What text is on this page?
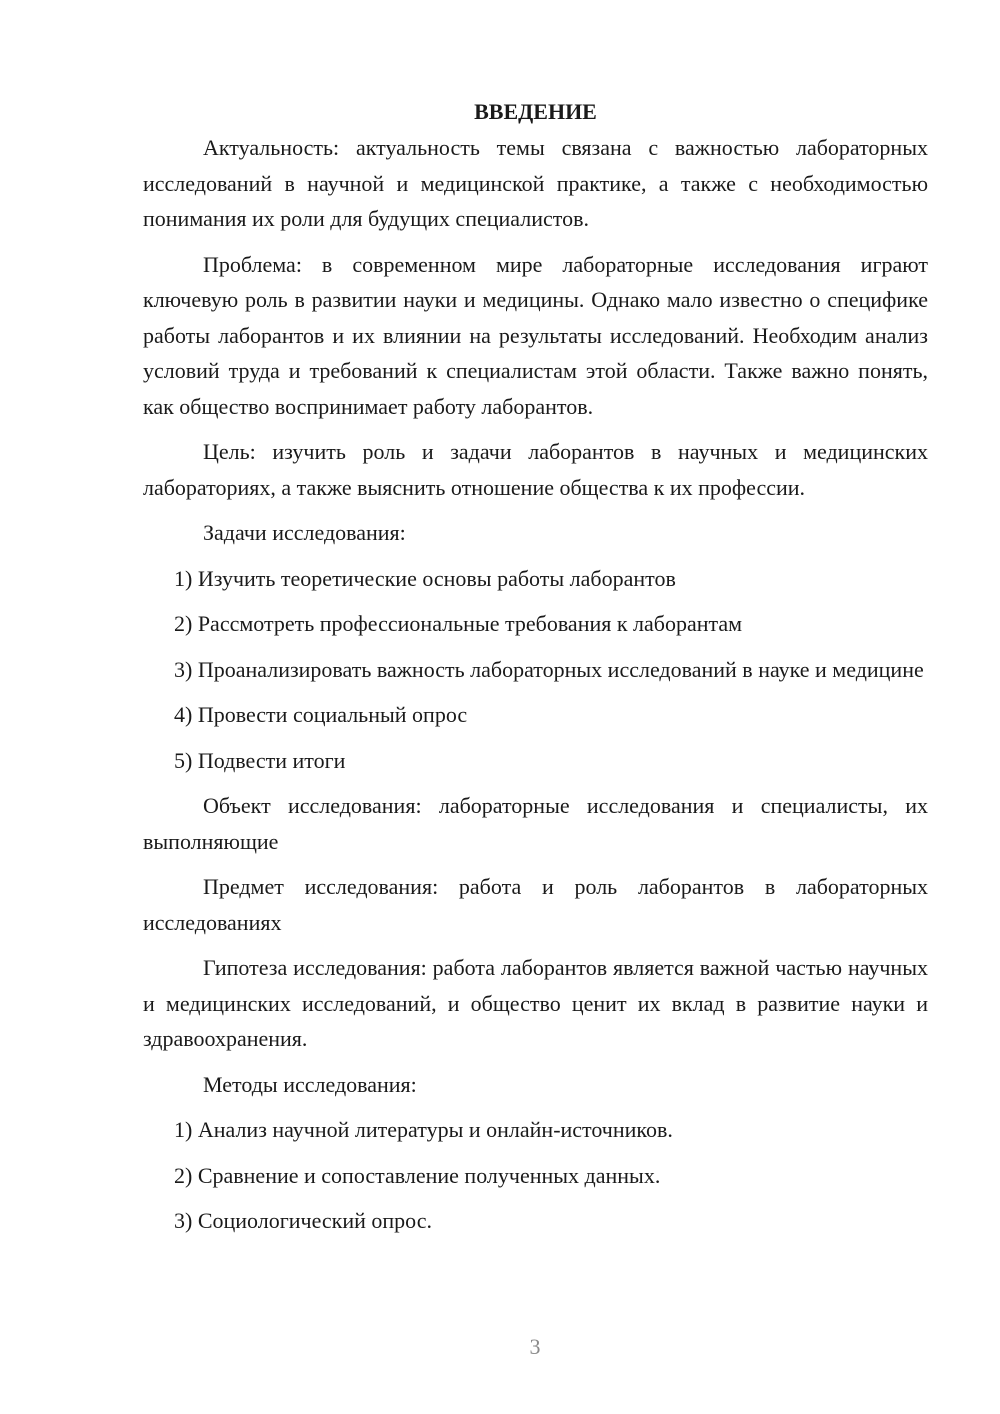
ВВЕДЕНИЕ

Актуальность: актуальность темы связана с важностью лабораторных исследований в научной и медицинской практике, а также с необходимостью понимания их роли для будущих специалистов.

Проблема: в современном мире лабораторные исследования играют ключевую роль в развитии науки и медицины. Однако мало известно о специфике работы лаборантов и их влиянии на результаты исследований. Необходим анализ условий труда и требований к специалистам этой области. Также важно понять, как общество воспринимает работу лаборантов.

Цель: изучить роль и задачи лаборантов в научных и медицинских лабораториях, а также выяснить отношение общества к их профессии.

Задачи исследования:

1) Изучить теоретические основы работы лаборантов

2) Рассмотреть профессиональные требования к лаборантам

3) Проанализировать важность лабораторных исследований в науке и медицине

4) Провести социальный опрос

5) Подвести итоги

Объект исследования: лабораторные исследования и специалисты, их выполняющие

Предмет исследования: работа и роль лаборантов в лабораторных исследованиях

Гипотеза исследования: работа лаборантов является важной частью научных и медицинских исследований, и общество ценит их вклад в развитие науки и здравоохранения.

Методы исследования:

1) Анализ научной литературы и онлайн-источников.

2) Сравнение и сопоставление полученных данных.

3) Социологический опрос.

3
